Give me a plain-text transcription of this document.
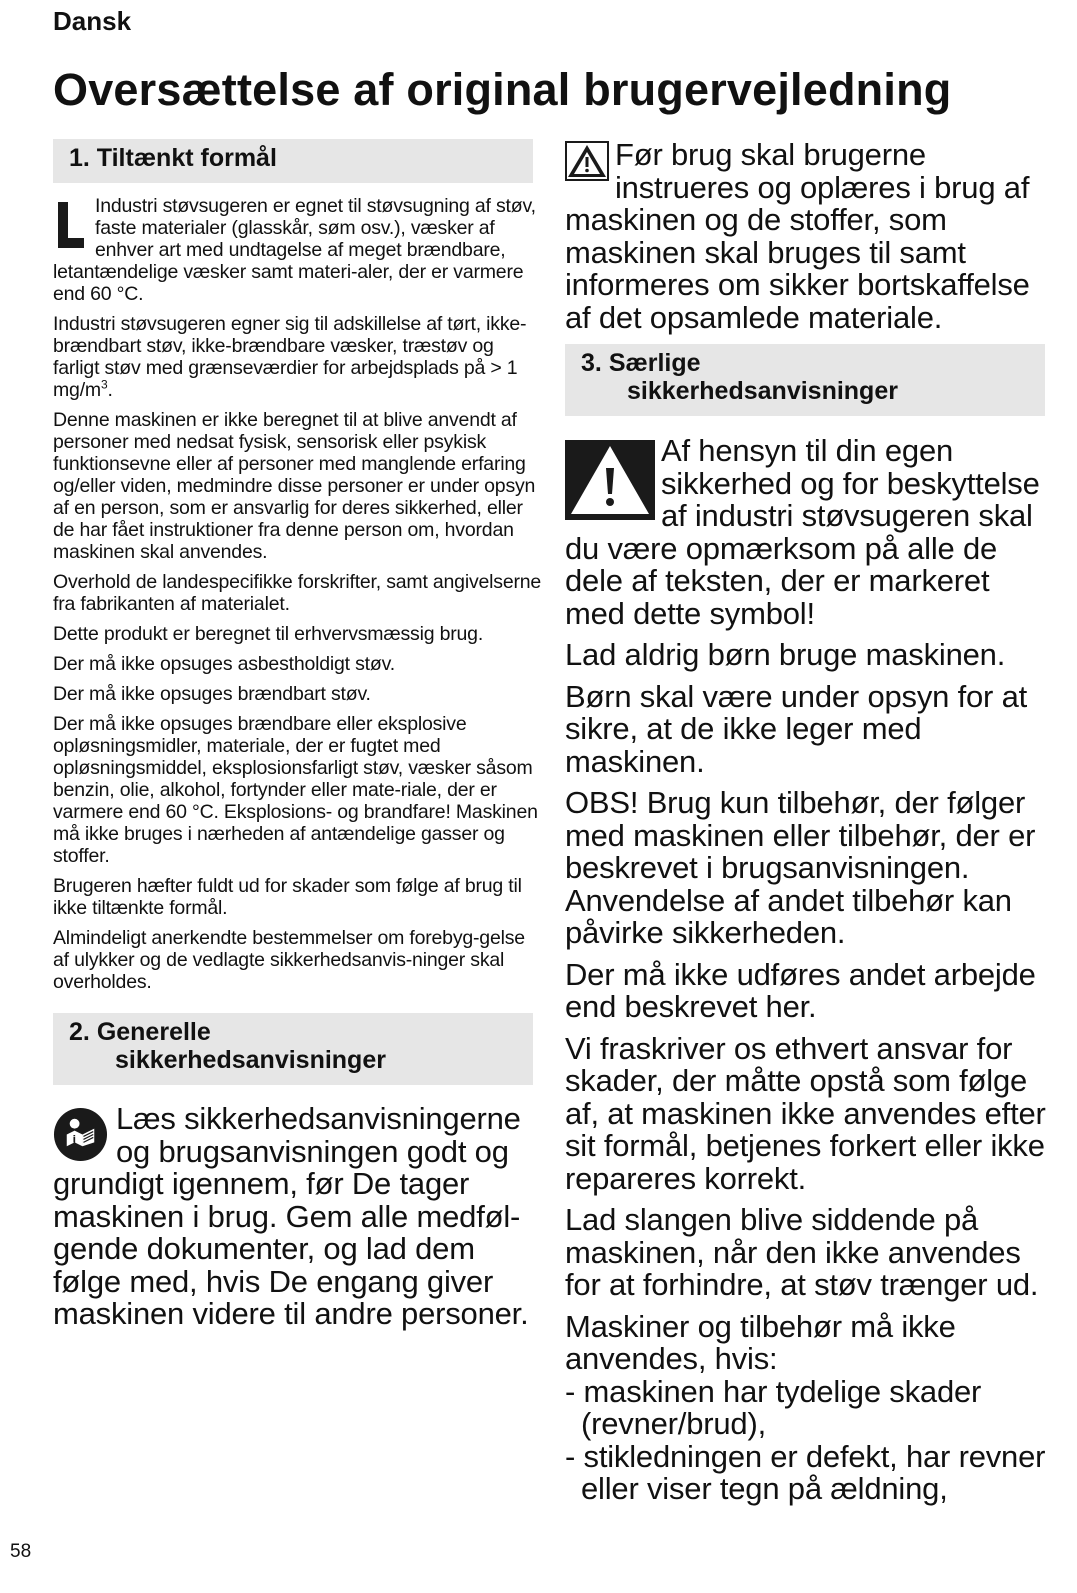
Dansk
Oversættelse af original brugervejledning
1. Tiltænkt formål

Industri støvsugeren er egnet til støvsugning af støv, faste materialer (glasskår, søm osv.), væsker af enhver art med undtagelse af meget brændbare, letantændelige væsker samt materi-aler, der er varmere end 60 °C.

Industri støvsugeren egner sig til adskillelse af tørt, ikke-brændbart støv, ikke-brændbare væsker, træstøv og farligt støv med grænseværdier for arbejdsplads på > 1 $mg/m^3$.

Denne maskinen er ikke beregnet til at blive anvendt af personer med nedsat fysisk, sensorisk eller psykisk funktionsevne eller af personer med manglende erfaring og/eller viden, medmindre disse personer er under opsyn af en person, som er ansvarlig for deres sikkerhed, eller de har fået instruktioner fra denne person om, hvordan maskinen skal anvendes.

Overhold de landespecifikke forskrifter, samt angivelserne fra fabrikanten af materialet.

Dette produkt er beregnet til erhvervsmæssig brug.

Der må ikke opsuges asbestholdigt støv.

Der må ikke opsuges brændbart støv.

Der må ikke opsuges brændbare eller eksplosive opløsningsmidler, materiale, der er fugtet med opløsningsmiddel, eksplosionsfarligt støv, væsker såsom benzin, olie, alkohol, fortynder eller mate-riale, der er varmere end 60 °C. Eksplosions- og brandfare! Maskinen må ikke bruges i nærheden af antændelige gasser og stoffer.

Brugeren hæfter fuldt ud for skader som følge af brug til ikke tiltænkte formål.

Almindeligt anerkendte bestemmelser om forebyg-gelse af ulykker og de vedlagte sikkerhedsanvis-ninger skal overholdes.

2. Generelle
sikkerhedsanvisninger

i
Læs sikkerhedsanvisningerne og brugsanvisningen godt og grundigt igennem, før De tager maskinen i brug. Gem alle medføl-gende dokumenter, og lad dem følge med, hvis De engang giver maskinen videre til andre personer.

Før brug skal brugerne instrueres og oplæres i brug af maskinen og de stoffer, som maskinen skal bruges til samt informeres om sikker bortskaffelse af det opsamlede materiale.

3. Særlige
sikkerhedsanvisninger

Af hensyn til din egen sikkerhed og for beskyttelse af industri støvsugeren skal du være opmærksom på alle de dele af teksten, der er markeret med dette symbol!

Lad aldrig børn bruge maskinen.

Børn skal være under opsyn for at sikre, at de ikke leger med maskinen.

OBS! Brug kun tilbehør, der følger med maskinen eller tilbehør, der er beskrevet i brugsanvisningen. Anvendelse af andet tilbehør kan påvirke sikkerheden.

Der må ikke udføres andet arbejde end beskrevet her.

Vi fraskriver os ethvert ansvar for skader, der måtte opstå som følge af, at maskinen ikke anvendes efter sit formål, betjenes forkert eller ikke repareres korrekt.

Lad slangen blive siddende på maskinen, når den ikke anvendes for at forhindre, at støv trænger ud.

Maskiner og tilbehør må ikke anvendes, hvis:
- maskinen har tydelige skader (revner/brud),
- stikledningen er defekt, har revner eller viser tegn på ældning,

58
